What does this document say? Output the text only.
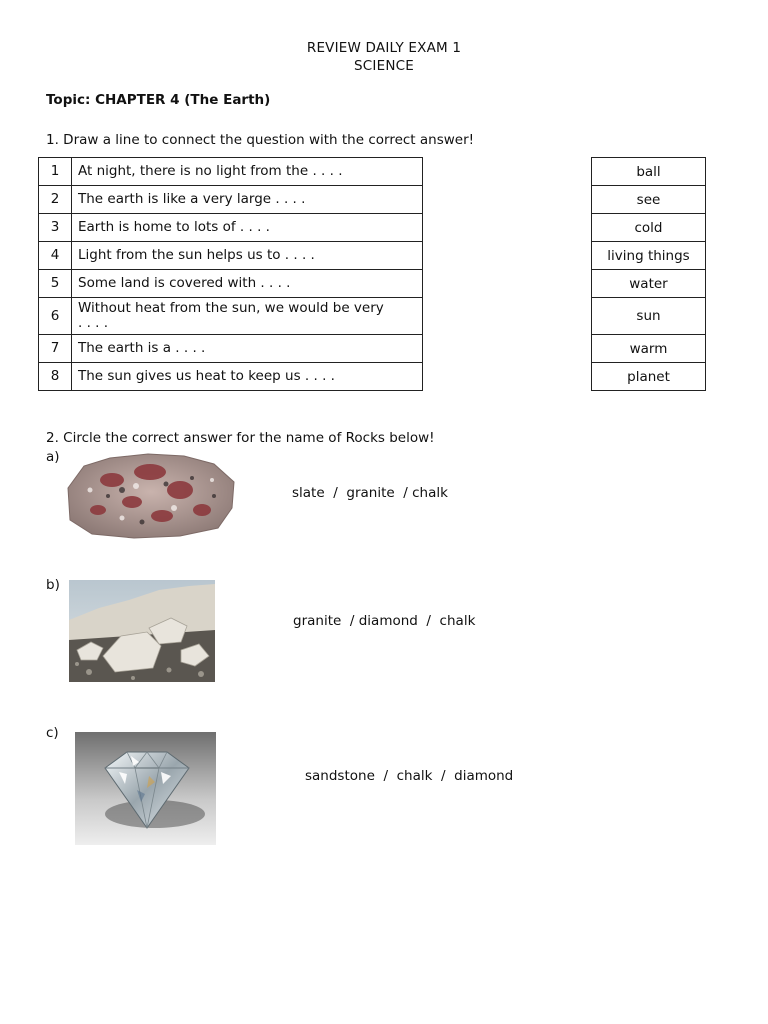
REVIEW DAILY EXAM 1
SCIENCE
Topic: CHAPTER 4 (The Earth)
1. Draw a line to connect the question with the correct answer!
1	At night, there is no light from the . . . .
2	The earth is like a very large . . . .
3	Earth is home to lots of . . . .
4	Light from the sun helps us to . . . .
5	Some land is covered with . . . .
6	Without heat from the sun, we would be very . . . .
7	The earth is a . . . .
8	The sun gives us heat to keep us . . . .
ball
see
cold
living things
water
sun
warm
planet
2. Circle the correct answer for the name of Rocks below!
a)
slate  /  granite  / chalk
b)
granite  / diamond  /  chalk
c)
sandstone  /  chalk  /  diamond
